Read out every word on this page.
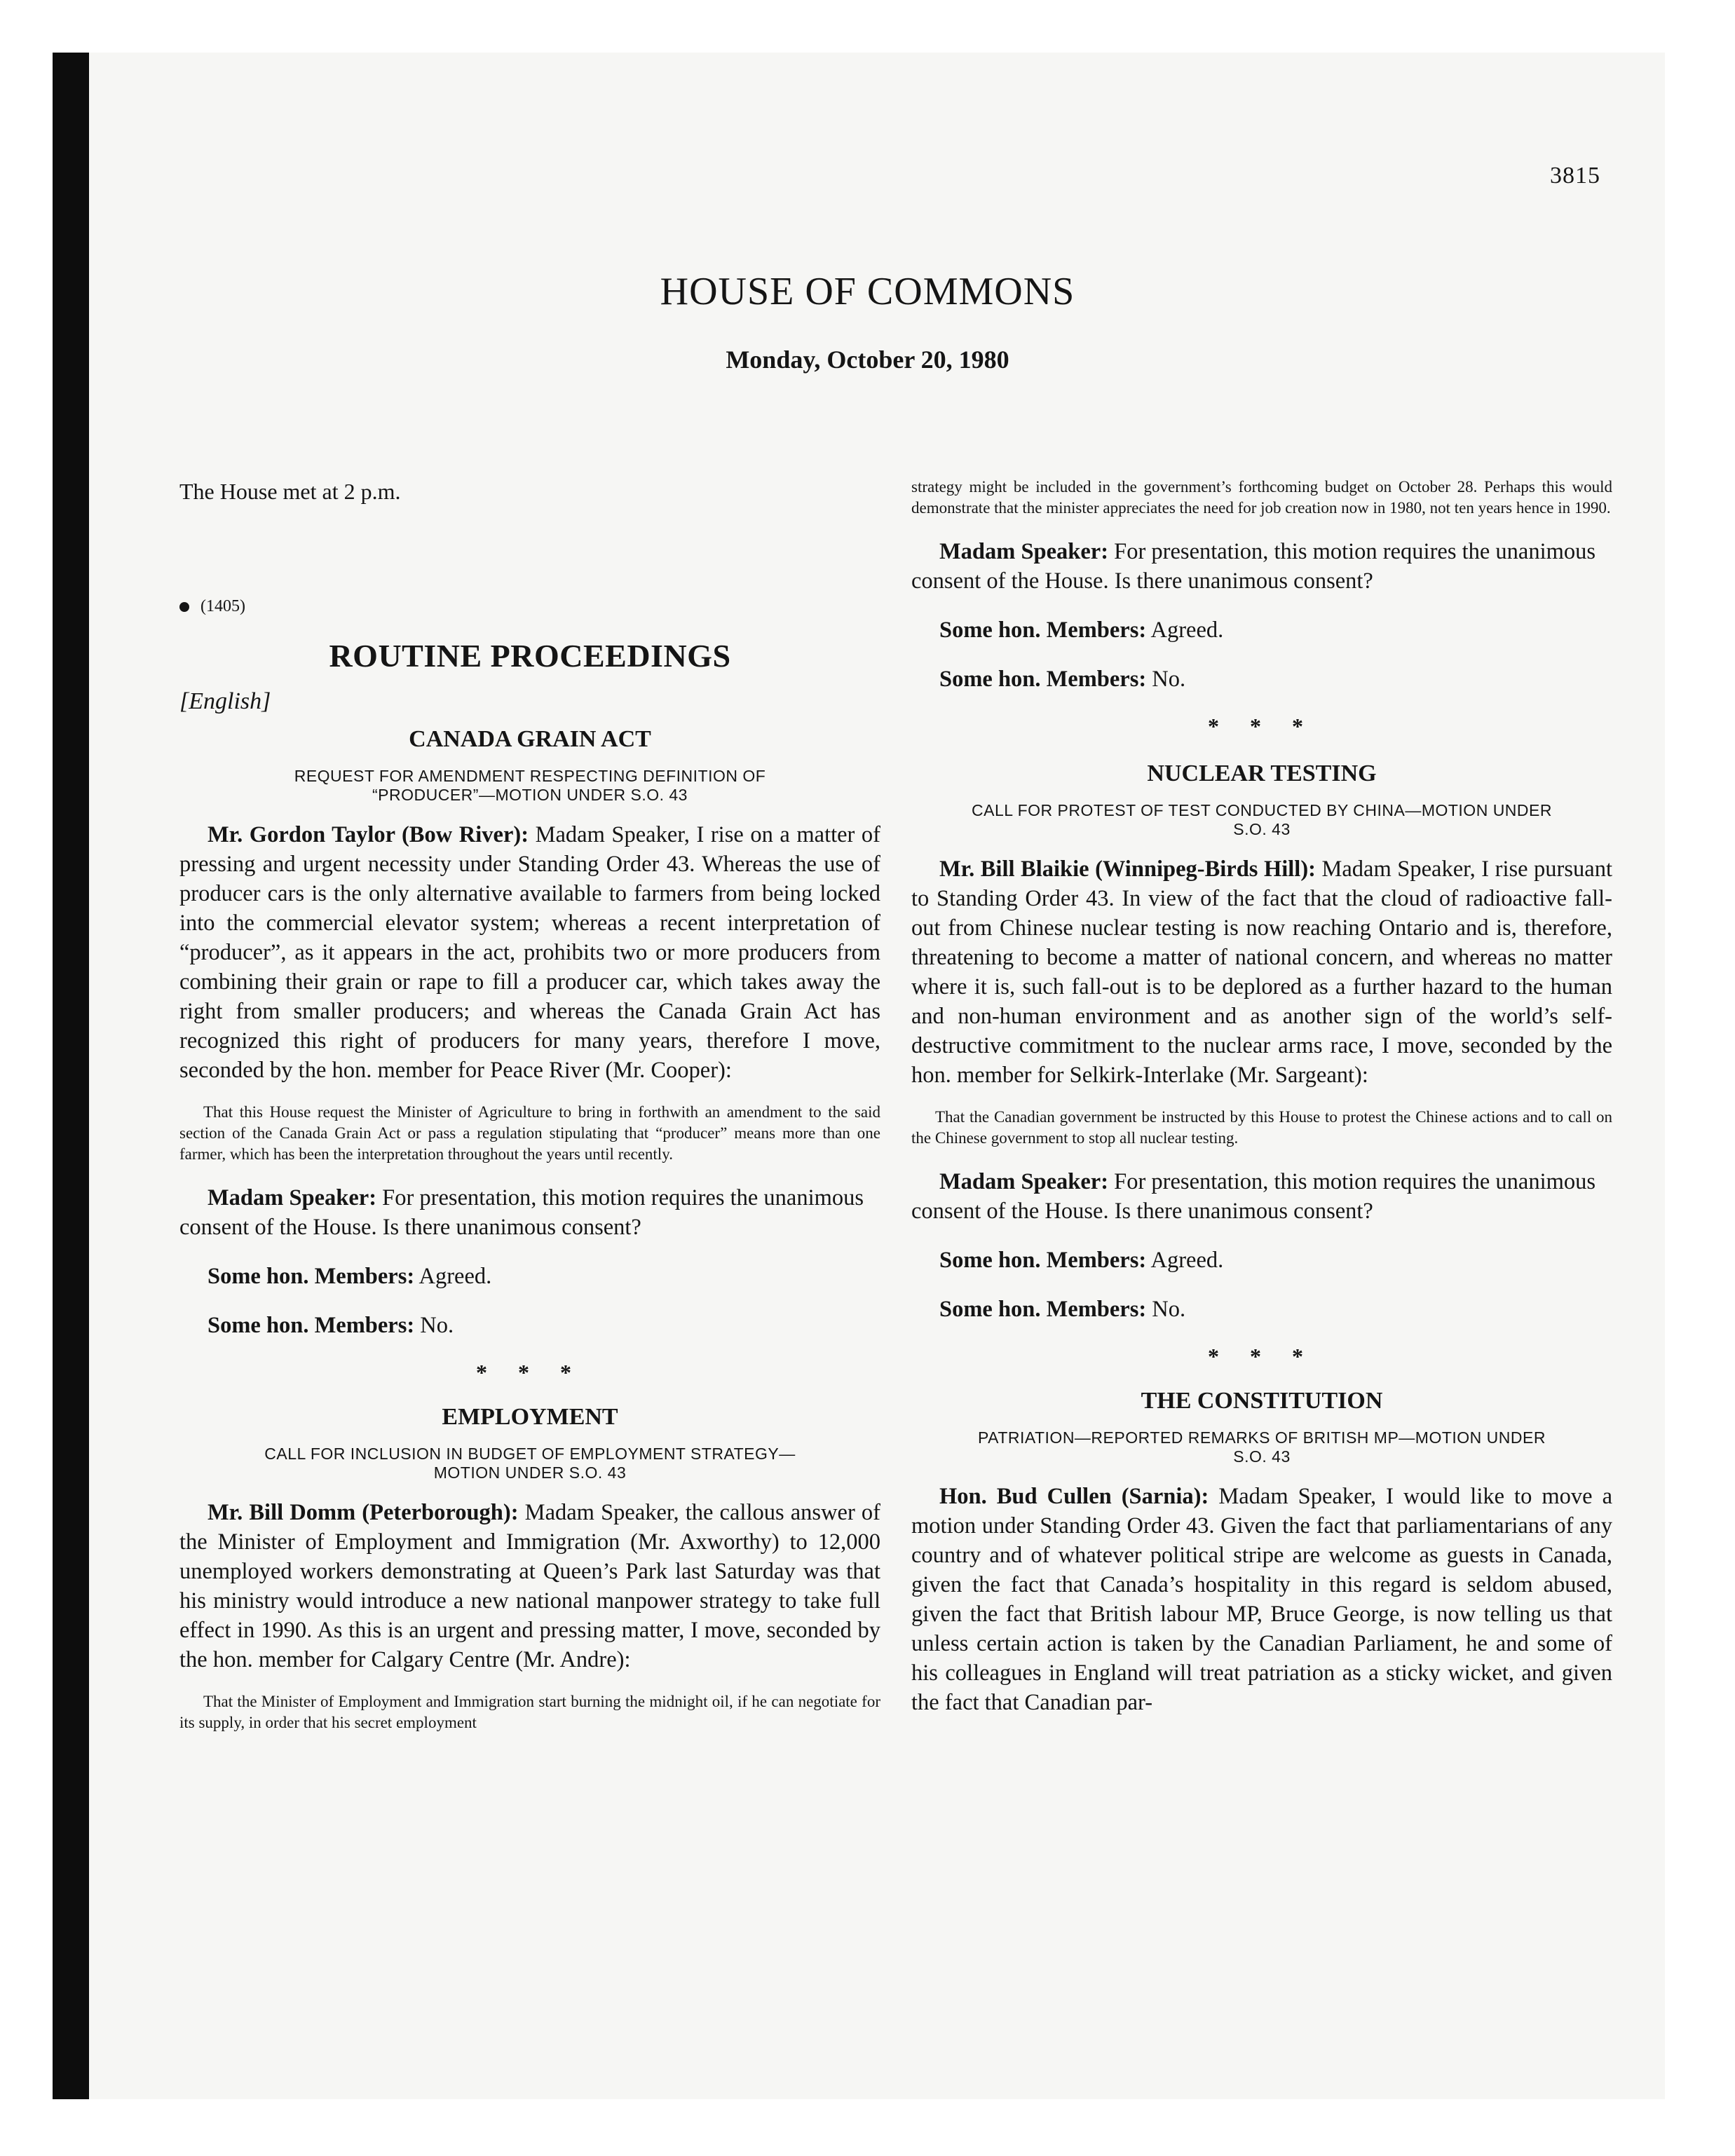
3815
HOUSE OF COMMONS
Monday, October 20, 1980

The House met at 2 p.m.

(1405)
ROUTINE PROCEEDINGS

[English]

CANADA GRAIN ACT
REQUEST FOR AMENDMENT RESPECTING DEFINITION OF “PRODUCER”—MOTION UNDER S.O. 43

Mr. Gordon Taylor (Bow River): Madam Speaker, I rise on a matter of pressing and urgent necessity under Standing Order 43. Whereas the use of producer cars is the only alternative available to farmers from being locked into the commercial elevator system; whereas a recent interpretation of “producer”, as it appears in the act, prohibits two or more producers from combining their grain or rape to fill a producer car, which takes away the right from smaller producers; and whereas the Canada Grain Act has recognized this right of producers for many years, therefore I move, seconded by the hon. member for Peace River (Mr. Cooper):

That this House request the Minister of Agriculture to bring in forthwith an amendment to the said section of the Canada Grain Act or pass a regulation stipulating that “producer” means more than one farmer, which has been the interpretation throughout the years until recently.

Madam Speaker: For presentation, this motion requires the unanimous consent of the House. Is there unanimous consent?

Some hon. Members: Agreed.

Some hon. Members: No.

* * *
EMPLOYMENT
CALL FOR INCLUSION IN BUDGET OF EMPLOYMENT STRATEGY—MOTION UNDER S.O. 43

Mr. Bill Domm (Peterborough): Madam Speaker, the callous answer of the Minister of Employment and Immigration (Mr. Axworthy) to 12,000 unemployed workers demonstrating at Queen’s Park last Saturday was that his ministry would introduce a new national manpower strategy to take full effect in 1990. As this is an urgent and pressing matter, I move, seconded by the hon. member for Calgary Centre (Mr. Andre):

That the Minister of Employment and Immigration start burning the midnight oil, if he can negotiate for its supply, in order that his secret employment

strategy might be included in the government’s forthcoming budget on October 28. Perhaps this would demonstrate that the minister appreciates the need for job creation now in 1980, not ten years hence in 1990.

Madam Speaker: For presentation, this motion requires the unanimous consent of the House. Is there unanimous consent?

Some hon. Members: Agreed.

Some hon. Members: No.

* * *
NUCLEAR TESTING
CALL FOR PROTEST OF TEST CONDUCTED BY CHINA—MOTION UNDER S.O. 43

Mr. Bill Blaikie (Winnipeg-Birds Hill): Madam Speaker, I rise pursuant to Standing Order 43. In view of the fact that the cloud of radioactive fall-out from Chinese nuclear testing is now reaching Ontario and is, therefore, threatening to become a matter of national concern, and whereas no matter where it is, such fall-out is to be deplored as a further hazard to the human and non-human environment and as another sign of the world’s self-destructive commitment to the nuclear arms race, I move, seconded by the hon. member for Selkirk-Interlake (Mr. Sargeant):

That the Canadian government be instructed by this House to protest the Chinese actions and to call on the Chinese government to stop all nuclear testing.

Madam Speaker: For presentation, this motion requires the unanimous consent of the House. Is there unanimous consent?

Some hon. Members: Agreed.

Some hon. Members: No.

* * *
THE CONSTITUTION
PATRIATION—REPORTED REMARKS OF BRITISH MP—MOTION UNDER S.O. 43

Hon. Bud Cullen (Sarnia): Madam Speaker, I would like to move a motion under Standing Order 43. Given the fact that parliamentarians of any country and of whatever political stripe are welcome as guests in Canada, given the fact that Canada’s hospitality in this regard is seldom abused, given the fact that British labour MP, Bruce George, is now telling us that unless certain action is taken by the Canadian Parliament, he and some of his colleagues in England will treat patriation as a sticky wicket, and given the fact that Canadian par-
